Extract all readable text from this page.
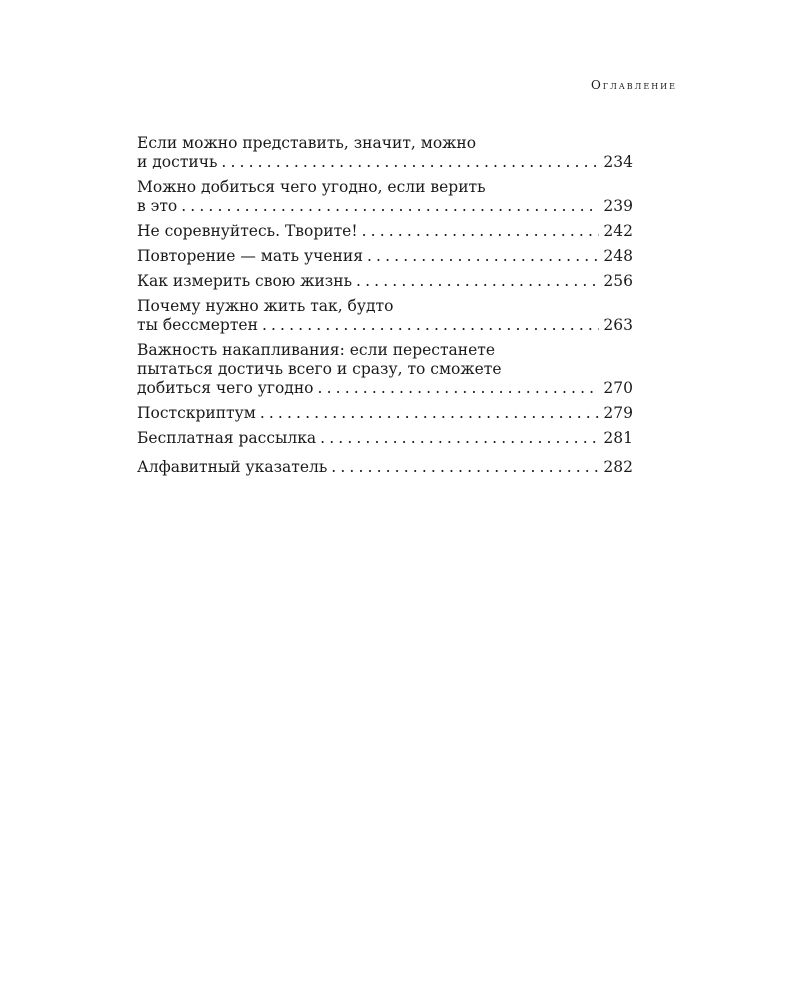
Оглавление
Если можно представить, значит, можно
и достичь . . .	234
Можно добиться чего угодно, если верить
в это . . .	239
Не соревнуйтесь. Творите! . . .	242
Повторение — мать учения . . .	248
Как измерить свою жизнь . . .	256
Почему нужно жить так, будто
ты бессмертен . . .	263
Важность накапливания: если перестанете
пытаться достичь всего и сразу, то сможете
добиться чего угодно . . .	270
Постскриптум . . .	279
Бесплатная рассылка . . .	281
Алфавитный указатель . . .	282
